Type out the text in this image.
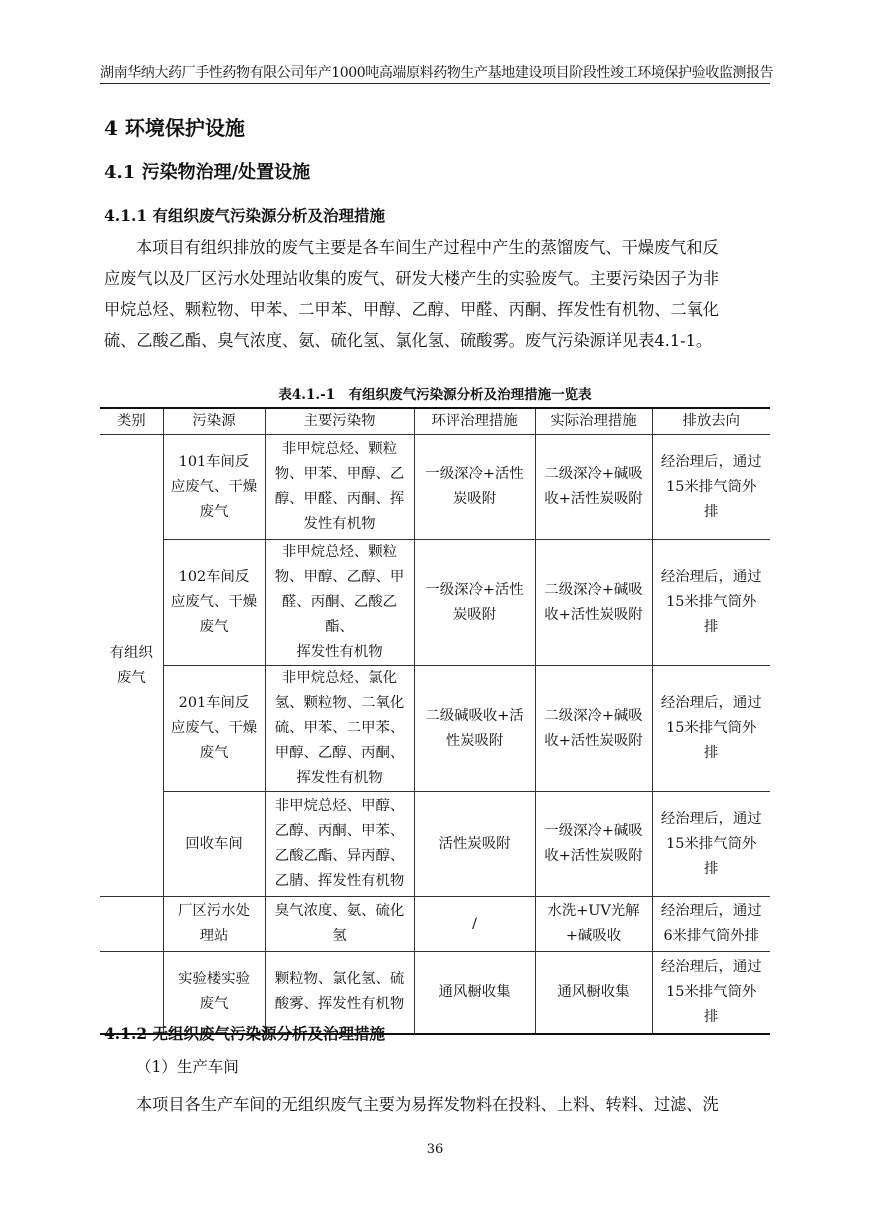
湖南华纳大药厂手性药物有限公司年产1000吨高端原料药物生产基地建设项目阶段性竣工环境保护验收监测报告
4 环境保护设施
4.1 污染物治理/处置设施
4.1.1 有组织废气污染源分析及治理措施
本项目有组织排放的废气主要是各车间生产过程中产生的蒸馏废气、干燥废气和反
应废气以及厂区污水处理站收集的废气、研发大楼产生的实验废气。主要污染因子为非
甲烷总烃、颗粒物、甲苯、二甲苯、甲醇、乙醇、甲醛、丙酮、挥发性有机物、二氧化
硫、乙酸乙酯、臭气浓度、氨、硫化氢、氯化氢、硫酸雾。废气污染源详见表4.1-1。
表4.1.-1　有组织废气污染源分析及治理措施一览表
类别	污染源	主要污染物	环评治理措施	实际治理措施	排放去向

有组织
废气	101车间反
应废气、干燥
废气	非甲烷总烃、颗粒
物、甲苯、甲醇、乙
醇、甲醛、丙酮、挥
发性有机物	一级深冷+活性
炭吸附	二级深冷+碱吸
收+活性炭吸附	经治理后，通过
15米排气筒外
排

	102车间反
应废气、干燥
废气	非甲烷总烃、颗粒
物、甲醇、乙醇、甲
醛、丙酮、乙酸乙酯、
挥发性有机物	一级深冷+活性
炭吸附	二级深冷+碱吸
收+活性炭吸附	经治理后，通过
15米排气筒外
排

	201车间反
应废气、干燥
废气	非甲烷总烃、氯化
氢、颗粒物、二氧化
硫、甲苯、二甲苯、
甲醇、乙醇、丙酮、
挥发性有机物	二级碱吸收+活
性炭吸附	二级深冷+碱吸
收+活性炭吸附	经治理后，通过
15米排气筒外
排

	回收车间	非甲烷总烃、甲醇、
乙醇、丙酮、甲苯、
乙酸乙酯、异丙醇、
乙腈、挥发性有机物	活性炭吸附	一级深冷+碱吸
收+活性炭吸附	经治理后，通过
15米排气筒外
排

	厂区污水处
理站	臭气浓度、氨、硫化
氢	/	水洗+UV光解
+碱吸收	经治理后，通过
6米排气筒外排

	实验楼实验
废气	颗粒物、氯化氢、硫
酸雾、挥发性有机物	通风橱收集	通风橱收集	经治理后，通过
15米排气筒外
排
4.1.2 无组织废气污染源分析及治理措施
（1）生产车间
本项目各生产车间的无组织废气主要为易挥发物料在投料、上料、转料、过滤、洗
36
